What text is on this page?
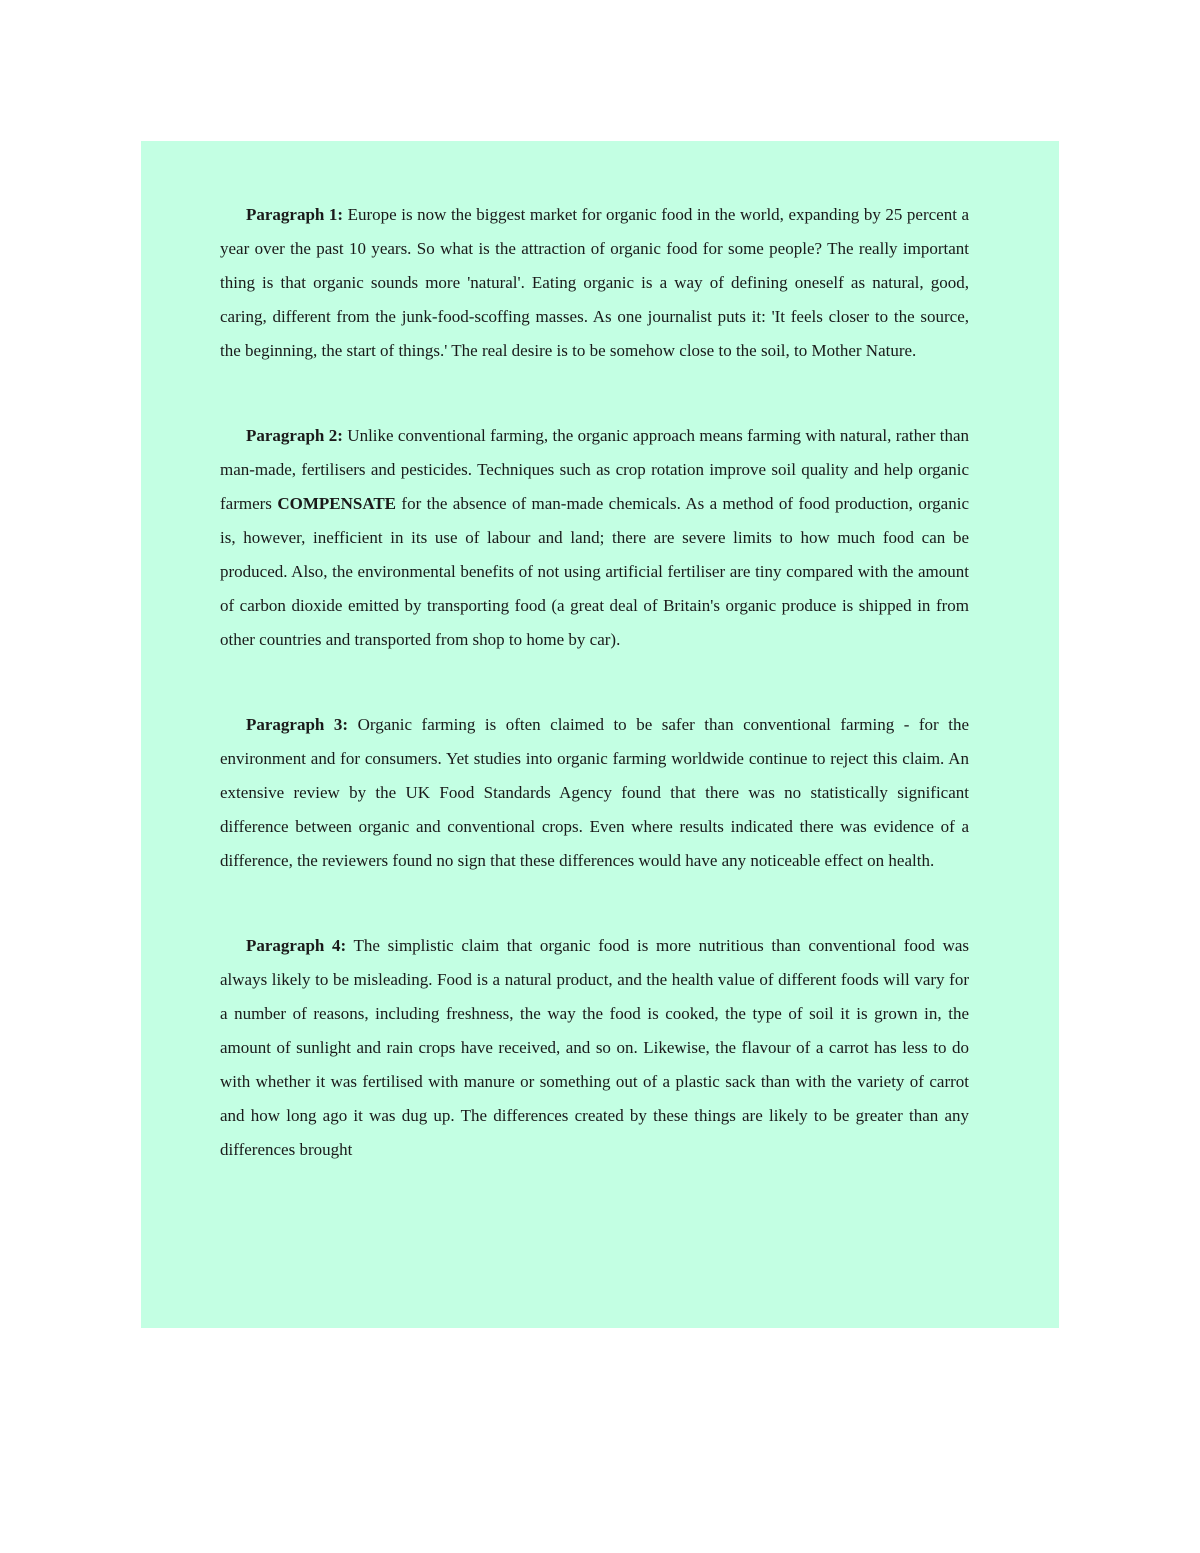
Paragraph 1: Europe is now the biggest market for organic food in the world, expanding by 25 percent a year over the past 10 years. So what is the attraction of organic food for some people? The really important thing is that organic sounds more 'natural'. Eating organic is a way of defining oneself as natural, good, caring, different from the junk-food-scoffing masses. As one journalist puts it: 'It feels closer to the source, the beginning, the start of things.' The real desire is to be somehow close to the soil, to Mother Nature.

Paragraph 2: Unlike conventional farming, the organic approach means farming with natural, rather than man-made, fertilisers and pesticides. Techniques such as crop rotation improve soil quality and help organic farmers COMPENSATE for the absence of man-made chemicals. As a method of food production, organic is, however, inefficient in its use of labour and land; there are severe limits to how much food can be produced. Also, the environmental benefits of not using artificial fertiliser are tiny compared with the amount of carbon dioxide emitted by transporting food (a great deal of Britain's organic produce is shipped in from other countries and transported from shop to home by car).

Paragraph 3: Organic farming is often claimed to be safer than conventional farming - for the environment and for consumers. Yet studies into organic farming worldwide continue to reject this claim. An extensive review by the UK Food Standards Agency found that there was no statistically significant difference between organic and conventional crops. Even where results indicated there was evidence of a difference, the reviewers found no sign that these differences would have any noticeable effect on health.

Paragraph 4: The simplistic claim that organic food is more nutritious than conventional food was always likely to be misleading. Food is a natural product, and the health value of different foods will vary for a number of reasons, including freshness, the way the food is cooked, the type of soil it is grown in, the amount of sunlight and rain crops have received, and so on. Likewise, the flavour of a carrot has less to do with whether it was fertilised with manure or something out of a plastic sack than with the variety of carrot and how long ago it was dug up. The differences created by these things are likely to be greater than any differences brought
